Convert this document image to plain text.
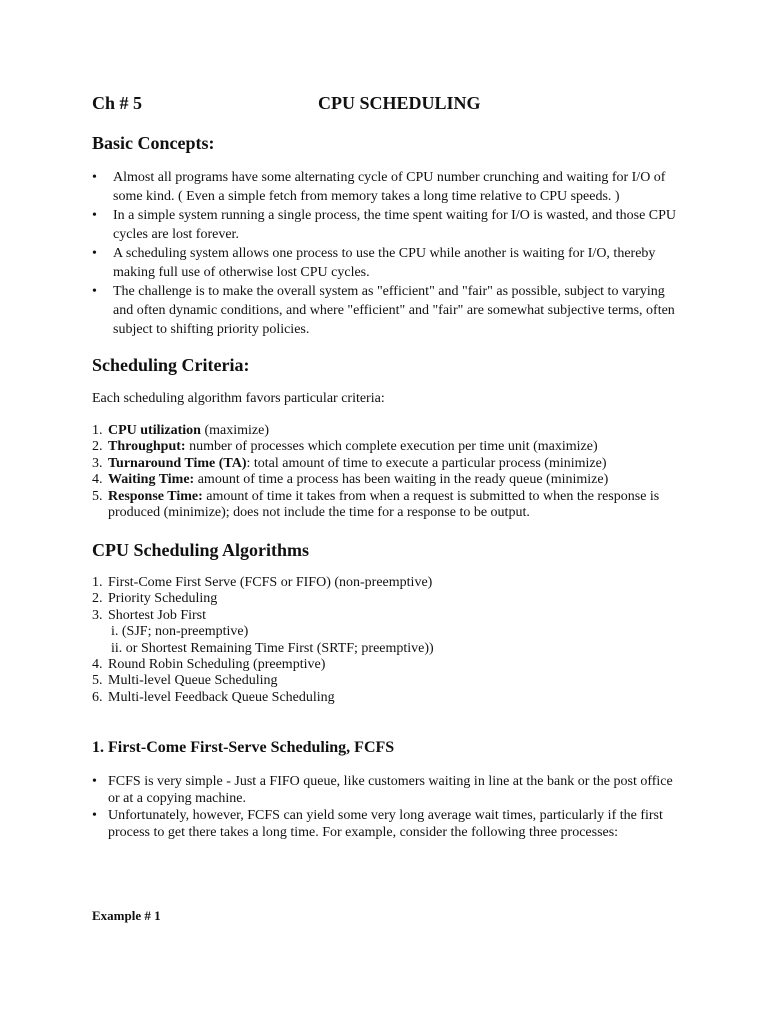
Ch # 5	CPU SCHEDULING
Basic Concepts:
• Almost all programs have some alternating cycle of CPU number crunching and waiting for I/O of some kind. ( Even a simple fetch from memory takes a long time relative to CPU speeds. )
• In a simple system running a single process, the time spent waiting for I/O is wasted, and those CPU cycles are lost forever.
• A scheduling system allows one process to use the CPU while another is waiting for I/O, thereby making full use of otherwise lost CPU cycles.
• The challenge is to make the overall system as "efficient" and "fair" as possible, subject to varying and often dynamic conditions, and where "efficient" and "fair" are somewhat subjective terms, often subject to shifting priority policies.
Scheduling Criteria:

Each scheduling algorithm favors particular criteria:

1. CPU utilization (maximize)
2. Throughput: number of processes which complete execution per time unit (maximize)
3. Turnaround Time (TA): total amount of time to execute a particular process (minimize)
4. Waiting Time: amount of time a process has been waiting in the ready queue (minimize)
5. Response Time: amount of time it takes from when a request is submitted to when the response is produced (minimize); does not include the time for a response to be output.
CPU Scheduling Algorithms
1. First-Come First Serve (FCFS or FIFO) (non-preemptive)
2. Priority Scheduling
3. Shortest Job First
i. (SJF; non-preemptive)
ii. or Shortest Remaining Time First (SRTF; preemptive))
4. Round Robin Scheduling (preemptive)
5. Multi-level Queue Scheduling
6. Multi-level Feedback Queue Scheduling
1. First-Come First-Serve Scheduling, FCFS
• FCFS is very simple - Just a FIFO queue, like customers waiting in line at the bank or the post office or at a copying machine.
• Unfortunately, however, FCFS can yield some very long average wait times, particularly if the first process to get there takes a long time. For example, consider the following three processes:

Example # 1
